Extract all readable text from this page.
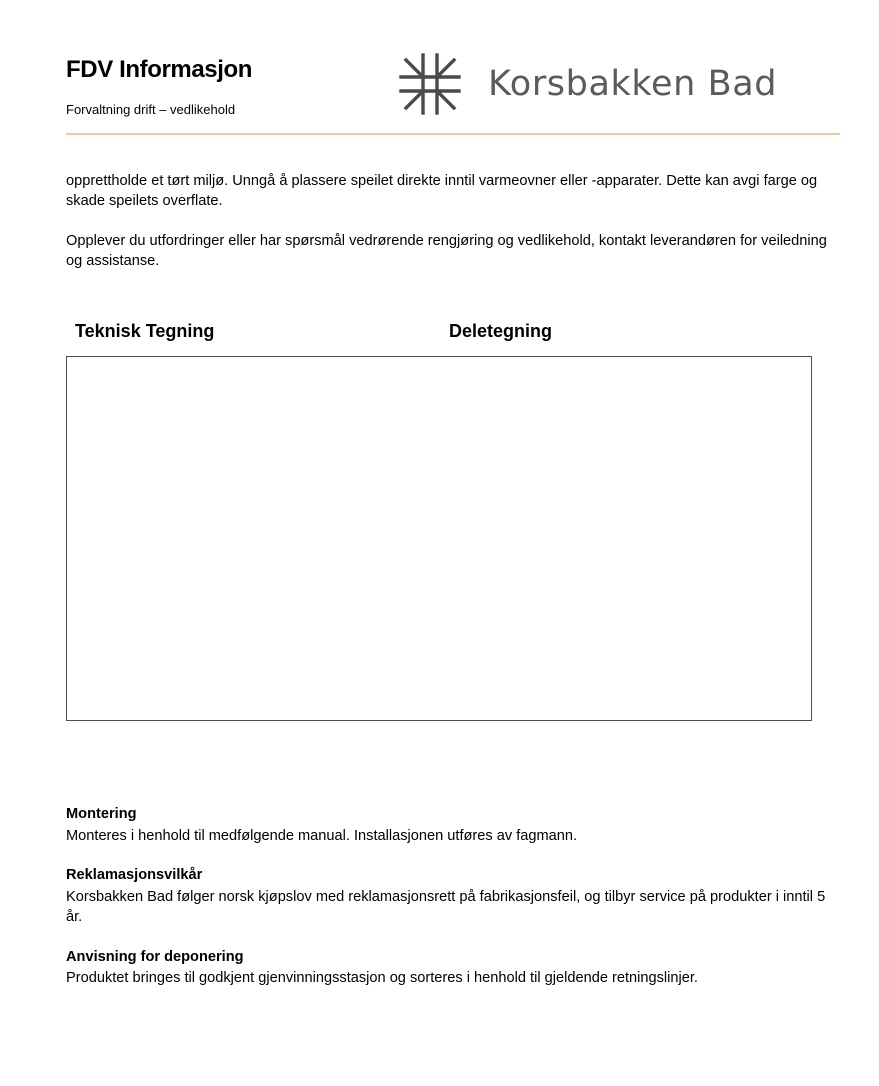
FDV Informasjon
Forvaltning drift – vedlikehold
Korsbakken Bad

opprettholde et tørt miljø. Unngå å plassere speilet direkte inntil varmeovner eller -apparater. Dette kan avgi farge og skade speilets overflate.

Opplever du utfordringer eller har spørsmål vedrørende rengjøring og vedlikehold, kontakt leverandøren for veiledning og assistanse.

Teknisk Tegning	Deletegning
Montering

Monteres i henhold til medfølgende manual. Installasjonen utføres av fagmann.

Reklamasjonsvilkår

Korsbakken Bad følger norsk kjøpslov med reklamasjonsrett på fabrikasjonsfeil, og tilbyr service på produkter i inntil 5 år.

Anvisning for deponering

Produktet bringes til godkjent gjenvinningsstasjon og sorteres i henhold til gjeldende retningslinjer.
